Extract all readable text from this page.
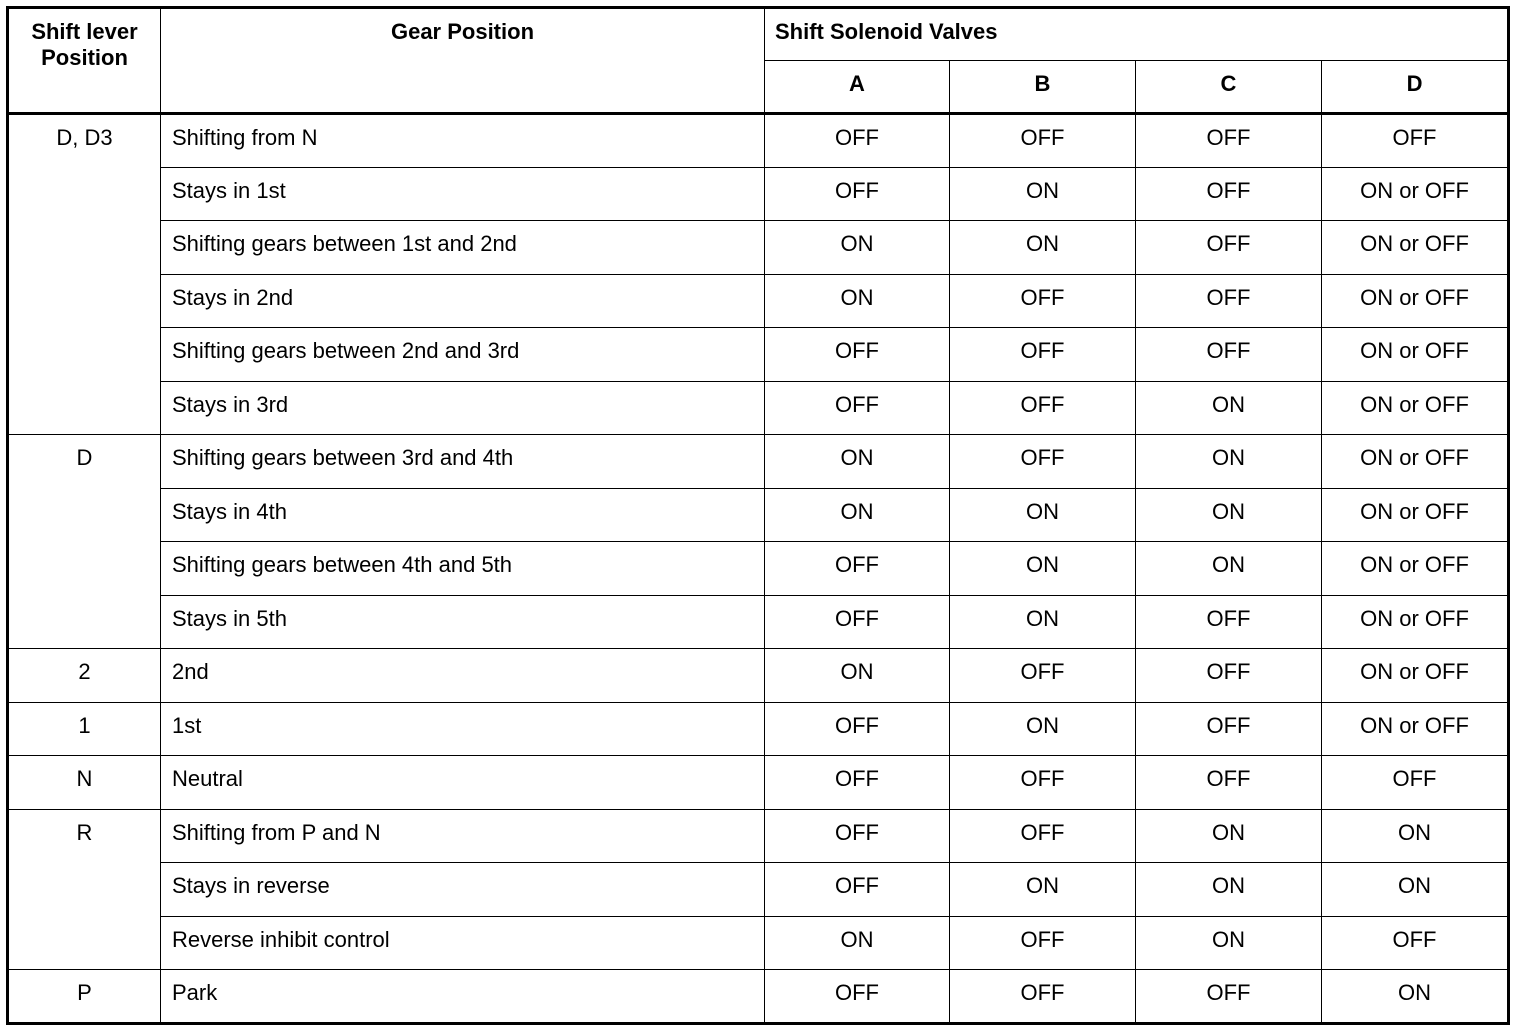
Shift lever Position	Gear Position	Shift Solenoid Valves			
		A	B	C	D
D, D3	Shifting from N	OFF	OFF	OFF	OFF
	Stays in 1st	OFF	ON	OFF	ON or OFF
	Shifting gears between 1st and 2nd	ON	ON	OFF	ON or OFF
	Stays in 2nd	ON	OFF	OFF	ON or OFF
	Shifting gears between 2nd and 3rd	OFF	OFF	OFF	ON or OFF
	Stays in 3rd	OFF	OFF	ON	ON or OFF
D	Shifting gears between 3rd and 4th	ON	OFF	ON	ON or OFF
	Stays in 4th	ON	ON	ON	ON or OFF
	Shifting gears between 4th and 5th	OFF	ON	ON	ON or OFF
	Stays in 5th	OFF	ON	OFF	ON or OFF
2	2nd	ON	OFF	OFF	ON or OFF
1	1st	OFF	ON	OFF	ON or OFF
N	Neutral	OFF	OFF	OFF	OFF
R	Shifting from P and N	OFF	OFF	ON	ON
	Stays in reverse	OFF	ON	ON	ON
	Reverse inhibit control	ON	OFF	ON	OFF
P	Park	OFF	OFF	OFF	ON
